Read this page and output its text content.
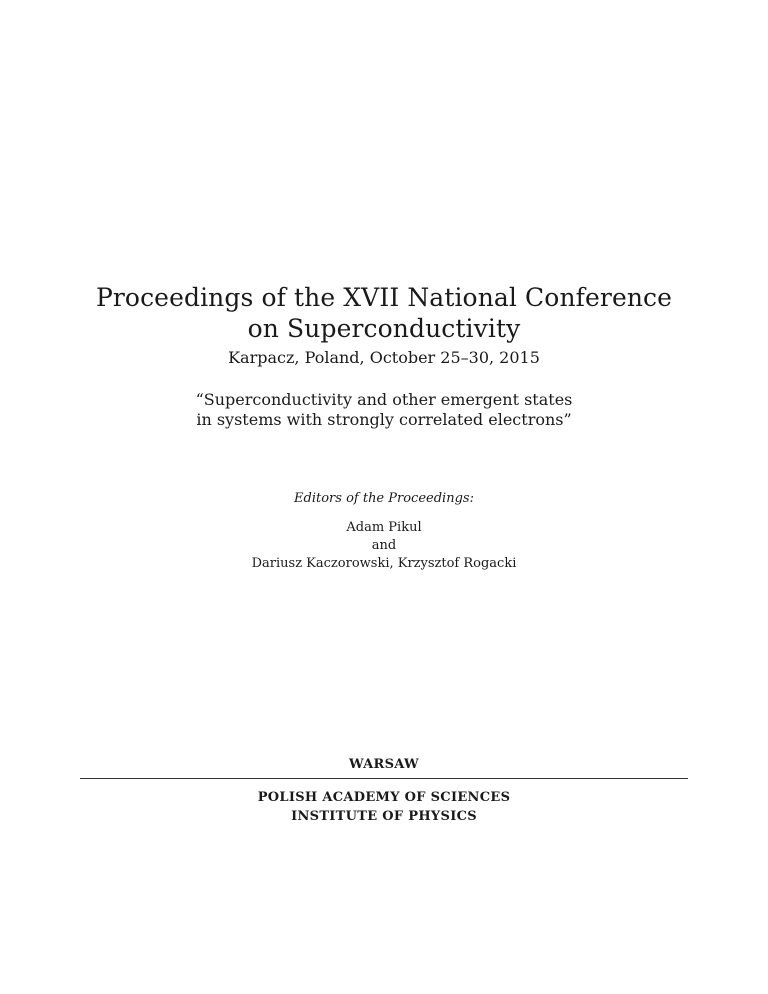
Proceedings of the XVII National Conference
on Superconductivity
Karpacz, Poland, October 25–30, 2015
“Superconductivity and other emergent states
in systems with strongly correlated electrons”
Editors of the Proceedings:
Adam Pikul
and
Dariusz Kaczorowski, Krzysztof Rogacki
WARSAW
POLISH ACADEMY OF SCIENCES
INSTITUTE OF PHYSICS
